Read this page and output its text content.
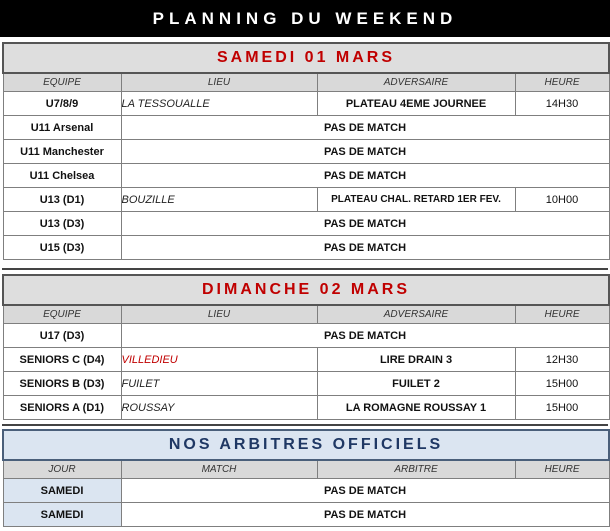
PLANNING DU WEEKEND
SAMEDI 01 MARS			
EQUIPE	LIEU	ADVERSAIRE	HEURE
U7/8/9	LA TESSOUALLE	PLATEAU 4EME JOURNEE	14H30
U11 Arsenal	PAS DE MATCH		
U11 Manchester	PAS DE MATCH		
U11 Chelsea	PAS DE MATCH		
U13 (D1)	BOUZILLE	PLATEAU CHAL. RETARD 1ER FEV.	10H00
U13 (D3)	PAS DE MATCH		
U15 (D3)	PAS DE MATCH		
DIMANCHE 02 MARS			
EQUIPE	LIEU	ADVERSAIRE	HEURE
U17 (D3)	PAS DE MATCH		
SENIORS C (D4)	VILLEDIEU	LIRE DRAIN 3	12H30
SENIORS B (D3)	FUILET	FUILET 2	15H00
SENIORS A (D1)	ROUSSAY	LA ROMAGNE ROUSSAY 1	15H00
NOS ARBITRES OFFICIELS			
JOUR	MATCH	ARBITRE	HEURE
SAMEDI	PAS DE MATCH		
SAMEDI	PAS DE MATCH		
